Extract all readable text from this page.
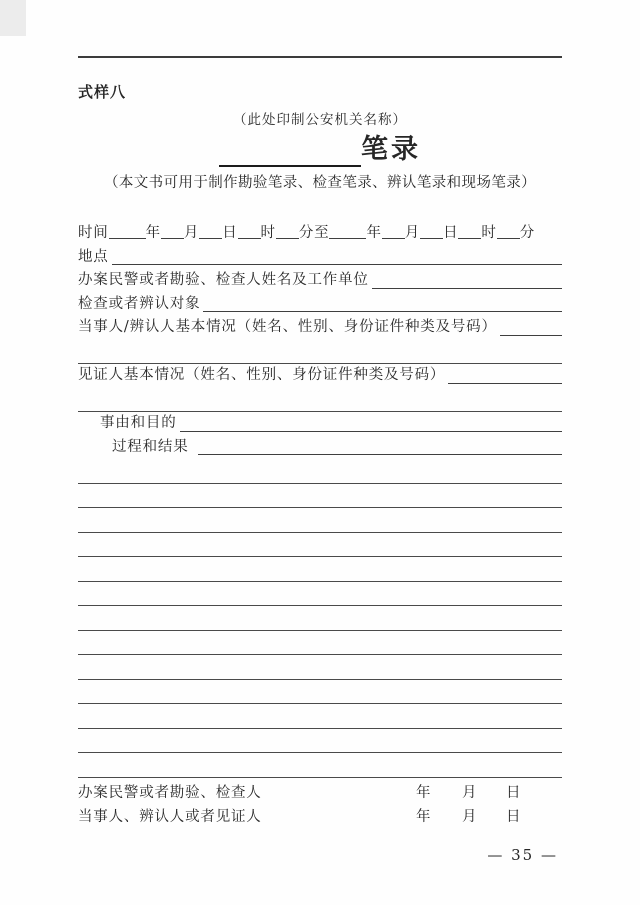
式样八
（此处印制公安机关名称）
笔录
（本文书可用于制作勘验笔录、检查笔录、辨认笔录和现场笔录）
时间	年 月 日 时 分至	年 月 日 时 分
地点
办案民警或者勘验、检查人姓名及工作单位
检查或者辨认对象
当事人/辨认人基本情况（姓名、性别、身份证件种类及号码）
见证人基本情况（姓名、性别、身份证件种类及号码）
事由和目的
过程和结果
办案民警或者勘验、检查人	年 月 日
当事人、辨认人或者见证人	年 月 日
— 35 —
